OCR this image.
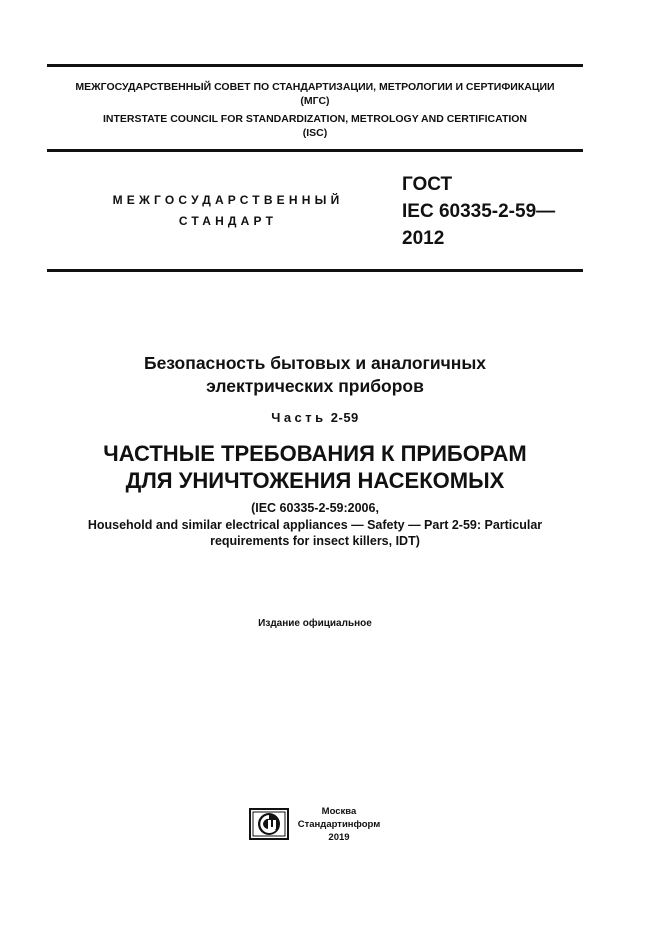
МЕЖГОСУДАРСТВЕННЫЙ СОВЕТ ПО СТАНДАРТИЗАЦИИ, МЕТРОЛОГИИ И СЕРТИФИКАЦИИ
(МГС)
INTERSTATE COUNCIL FOR STANDARDIZATION, METROLOGY AND CERTIFICATION
(ISC)
МЕЖГОСУДАРСТВЕННЫЙ
СТАНДАРТ
ГОСТ
IEC 60335-2-59—
2012
Безопасность бытовых и аналогичных
электрических приборов
Часть 2-59
ЧАСТНЫЕ ТРЕБОВАНИЯ К ПРИБОРАМ
ДЛЯ УНИЧТОЖЕНИЯ НАСЕКОМЫХ
(IEC 60335-2-59:2006,
Household and similar electrical appliances — Safety — Part 2-59: Particular
requirements for insect killers, IDT)
Издание официальное
Москва
Стандартинформ
2019
